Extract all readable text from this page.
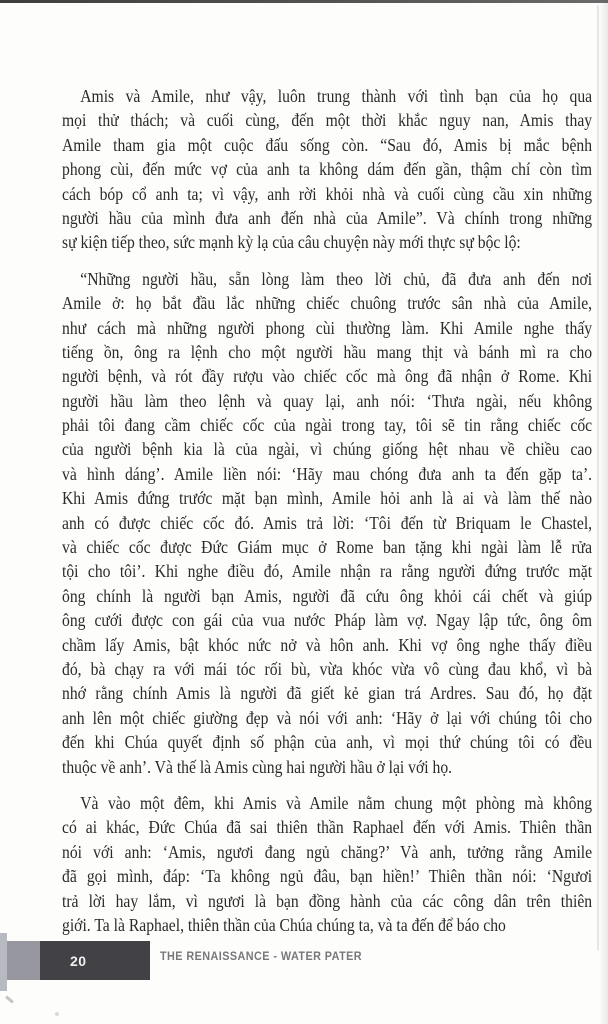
Amis và Amile, như vậy, luôn trung thành với tình bạn của họ qua
mọi thử thách; và cuối cùng, đến một thời khắc nguy nan, Amis thay
Amile tham gia một cuộc đấu sống còn. “Sau đó, Amis bị mắc bệnh
phong cùi, đến mức vợ của anh ta không dám đến gần, thậm chí còn tìm
cách bóp cổ anh ta; vì vậy, anh rời khỏi nhà và cuối cùng cầu xin những
người hầu của mình đưa anh đến nhà của Amile”. Và chính trong những
sự kiện tiếp theo, sức mạnh kỳ lạ của câu chuyện này mới thực sự bộc lộ:
“Những người hầu, sẵn lòng làm theo lời chủ, đã đưa anh đến nơi
Amile ở: họ bắt đầu lắc những chiếc chuông trước sân nhà của Amile,
như cách mà những người phong cùi thường làm. Khi Amile nghe thấy
tiếng ồn, ông ra lệnh cho một người hầu mang thịt và bánh mì ra cho
người bệnh, và rót đầy rượu vào chiếc cốc mà ông đã nhận ở Rome. Khi
người hầu làm theo lệnh và quay lại, anh nói: ‘Thưa ngài, nếu không
phải tôi đang cầm chiếc cốc của ngài trong tay, tôi sẽ tin rằng chiếc cốc
của người bệnh kia là của ngài, vì chúng giống hệt nhau về chiều cao
và hình dáng’. Amile liền nói: ‘Hãy mau chóng đưa anh ta đến gặp ta’.
Khi Amis đứng trước mặt bạn mình, Amile hỏi anh là ai và làm thế nào
anh có được chiếc cốc đó. Amis trả lời: ‘Tôi đến từ Briquam le Chastel,
và chiếc cốc được Đức Giám mục ở Rome ban tặng khi ngài làm lễ rửa
tội cho tôi’. Khi nghe điều đó, Amile nhận ra rằng người đứng trước mặt
ông chính là người bạn Amis, người đã cứu ông khỏi cái chết và giúp
ông cưới được con gái của vua nước Pháp làm vợ. Ngay lập tức, ông ôm
chầm lấy Amis, bật khóc nức nở và hôn anh. Khi vợ ông nghe thấy điều
đó, bà chạy ra với mái tóc rối bù, vừa khóc vừa vô cùng đau khổ, vì bà
nhớ rằng chính Amis là người đã giết kẻ gian trá Ardres. Sau đó, họ đặt
anh lên một chiếc giường đẹp và nói với anh: ‘Hãy ở lại với chúng tôi cho
đến khi Chúa quyết định số phận của anh, vì mọi thứ chúng tôi có đều
thuộc về anh’. Và thế là Amis cùng hai người hầu ở lại với họ.
Và vào một đêm, khi Amis và Amile nằm chung một phòng mà không
có ai khác, Đức Chúa đã sai thiên thần Raphael đến với Amis. Thiên thần
nói với anh: ‘Amis, ngươi đang ngủ chăng?’ Và anh, tưởng rằng Amile
đã gọi mình, đáp: ‘Ta không ngủ đâu, bạn hiền!’ Thiên thần nói: ‘Ngươi
trả lời hay lắm, vì ngươi là bạn đồng hành của các công dân trên thiên
giới. Ta là Raphael, thiên thần của Chúa chúng ta, và ta đến để báo cho
20	THE RENAISSANCE - WATER PATER
